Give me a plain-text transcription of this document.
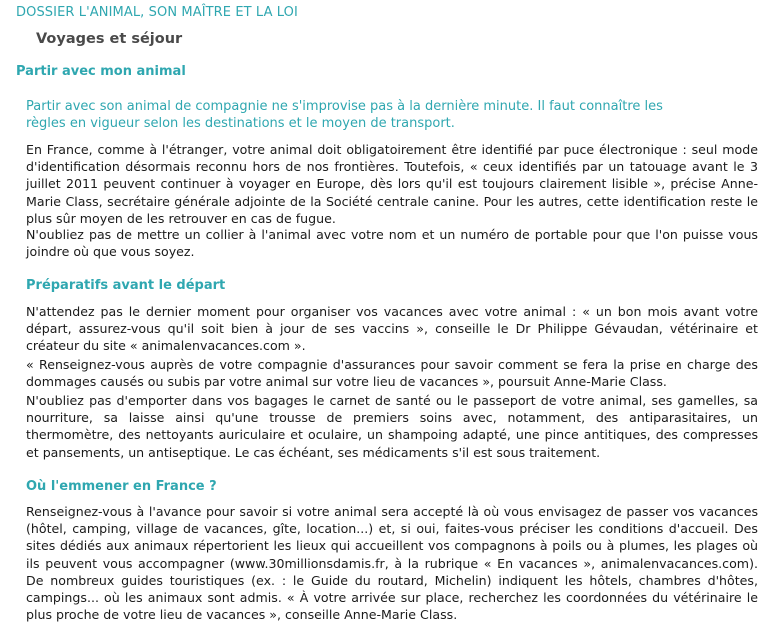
DOSSIER L'ANIMAL, SON MAÎTRE ET LA LOI
Voyages et séjour
Partir avec mon animal
Partir avec son animal de compagnie ne s'improvise pas à la dernière minute. Il faut connaître les règles en vigueur selon les destinations et le moyen de transport.
En France, comme à l'étranger, votre animal doit obligatoirement être identifié par puce électronique : seul mode d'identification désormais reconnu hors de nos frontières. Toutefois, « ceux identifiés par un tatouage avant le 3 juillet 2011 peuvent continuer à voyager en Europe, dès lors qu'il est toujours clairement lisible », précise Anne-Marie Class, secrétaire générale adjointe de la Société centrale canine. Pour les autres, cette identification reste le plus sûr moyen de les retrouver en cas de fugue.
N'oubliez pas de mettre un collier à l'animal avec votre nom et un numéro de portable pour que l'on puisse vous joindre où que vous soyez.
Préparatifs avant le départ
N'attendez pas le dernier moment pour organiser vos vacances avec votre animal : « un bon mois avant votre départ, assurez-vous qu'il soit bien à jour de ses vaccins », conseille le Dr Philippe Gévaudan, vétérinaire et créateur du site « animalenvacances.com ».
« Renseignez-vous auprès de votre compagnie d'assurances pour savoir comment se fera la prise en charge des dommages causés ou subis par votre animal sur votre lieu de vacances », poursuit Anne-Marie Class.
N'oubliez pas d'emporter dans vos bagages le carnet de santé ou le passeport de votre animal, ses gamelles, sa nourriture, sa laisse ainsi qu'une trousse de premiers soins avec, notamment, des antiparasitaires, un thermomètre, des nettoyants auriculaire et oculaire, un shampoing adapté, une pince antitiques, des compresses et pansements, un antiseptique. Le cas échéant, ses médicaments s'il est sous traitement.
Où l'emmener en France ?
Renseignez-vous à l'avance pour savoir si votre animal sera accepté là où vous envisagez de passer vos vacances (hôtel, camping, village de vacances, gîte, location...) et, si oui, faites-vous préciser les conditions d'accueil. Des sites dédiés aux animaux répertorient les lieux qui accueillent vos compagnons à poils ou à plumes, les plages où ils peuvent vous accompagner (www.30millionsdamis.fr, à la rubrique « En vacances », animalenvacances.com). De nombreux guides touristiques (ex. : le Guide du routard, Michelin) indiquent les hôtels, chambres d'hôtes, campings... où les animaux sont admis. « À votre arrivée sur place, recherchez les coordonnées du vétérinaire le plus proche de votre lieu de vacances », conseille Anne-Marie Class.
